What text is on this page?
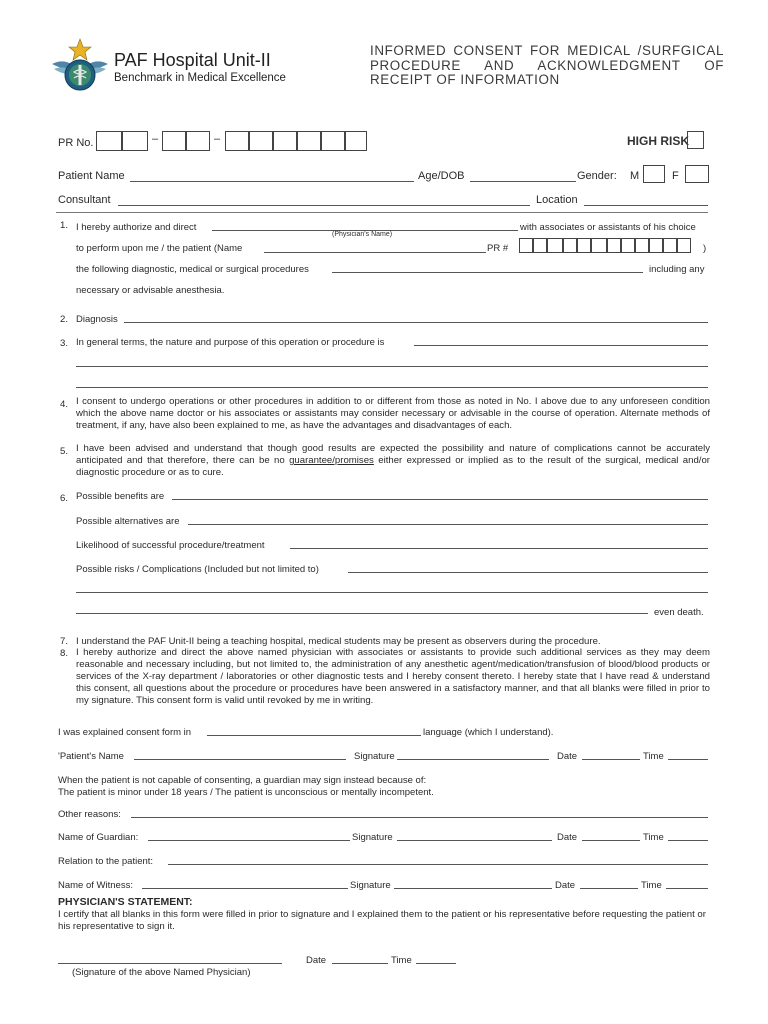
PAF Hospital Unit-II
Benchmark in Medical Excellence
INFORMED CONSENT FOR MEDICAL /SURFGICAL PROCEDURE AND ACKNOWLEDGMENT OF RECEIPT OF INFORMATION
PR No.	–	–	HIGH RISK
Patient Name	Age/DOB	Gender: M	F
Consultant	Location
1. I hereby authorize and direct
(Physician's Name)
with associates or assistants of his choice
to perform upon me / the patient (Name	PR #	)
the following diagnostic, medical or surgical procedures	including any
necessary or advisable anesthesia.
2. Diagnosis
3. In general terms, the nature and purpose of this operation or procedure is
4. I consent to undergo operations or other procedures in addition to or different from those as noted in No. I above due to any unforeseen condition which the above name doctor or his associates or assistants may consider necessary or advisable in the course of operation. Alternate methods of treatment, if any, have also been explained to me, as have the advantages and disadvantages of each.
5. I have been advised and understand that though good results are expected the possibility and nature of complications cannot be accurately anticipated and that therefore, there can be no guarantee/promises either expressed or implied as to the result of the surgical, medical and/or diagnostic procedure or as to cure.
6. Possible benefits are
Possible alternatives are
Likelihood of successful procedure/treatment
Possible risks / Complications (Included but not limited to)
even death.
7. I understand the PAF Unit-II being a teaching hospital, medical students may be present as observers during the procedure.
8. I hereby authorize and direct the above named physician with associates or assistants to provide such additional services as they may deem reasonable and necessary including, but not limited to, the administration of any anesthetic agent/medication/transfusion of blood/blood products or services of the X-ray department / laboratories or other diagnostic tests and I hereby consent thereto. I hereby state that I have read & understand this consent, all questions about the procedure or procedures have been answered in a satisfactory manner, and that all blanks were filled in prior to my signature. This consent form is valid until revoked by me in writing.
I was explained consent form in	language (which I understand).
'Patient's Name	Signature	Date	Time
When the patient is not capable of consenting, a guardian may sign instead because of:
The patient is minor under 18 years / The patient is unconscious or mentally incompetent.
Other reasons:
Name of Guardian:	Signature	Date	Time
Relation to the patient:
Name of Witness:	Signature	Date	Time
PHYSICIAN'S STATEMENT:
I certify that all blanks in this form were filled in prior to signature and I explained them to the patient or his representative before requesting the patient or his representative to sign it.
Date	Time
(Signature of the above Named Physician)
